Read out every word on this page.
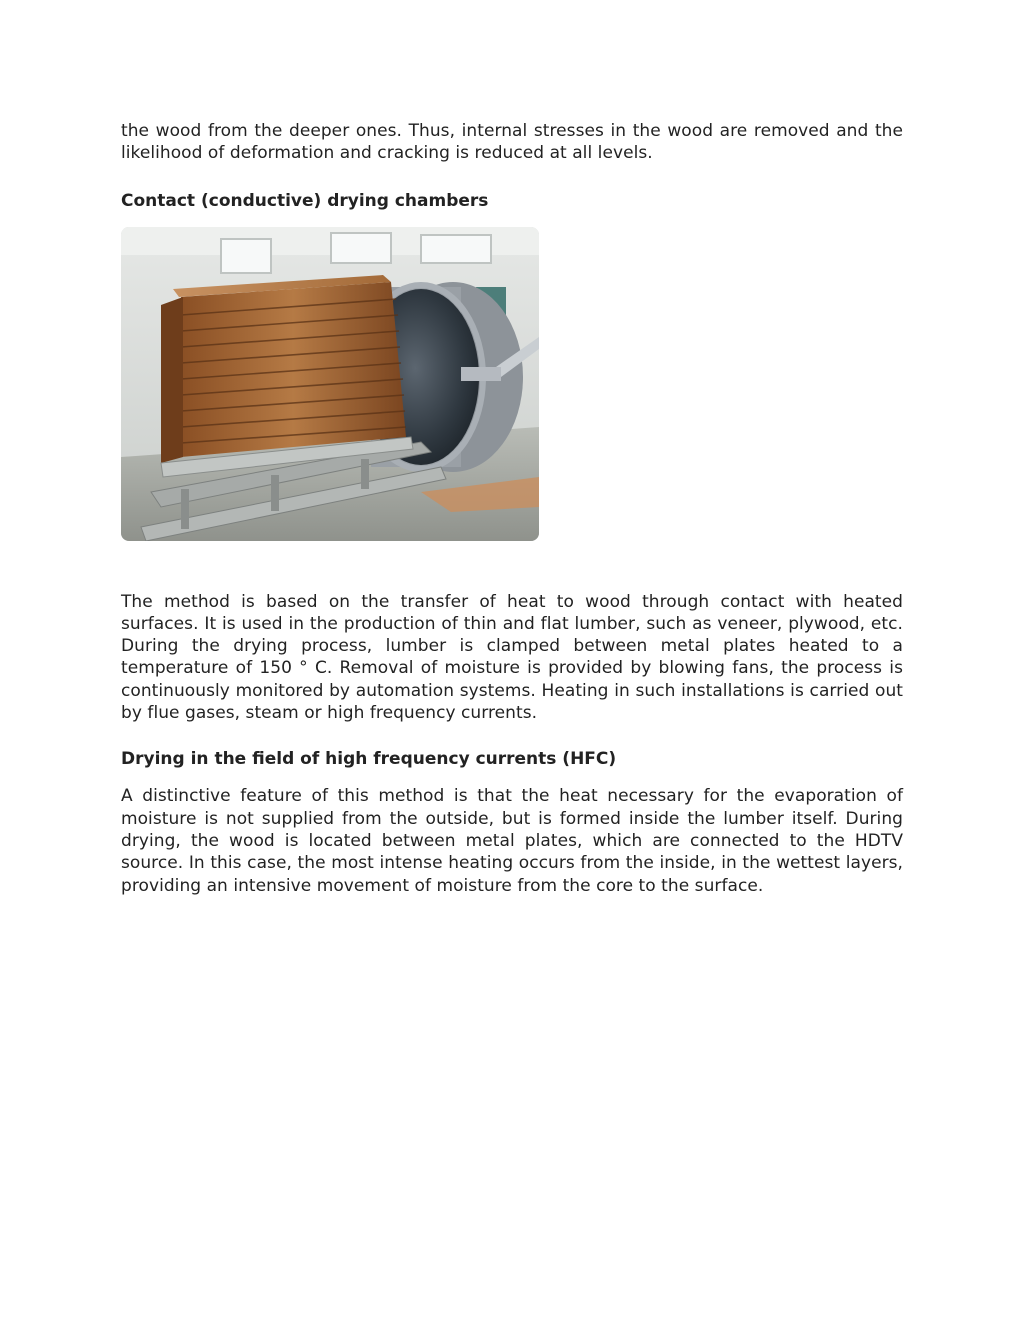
the wood from the deeper ones. Thus, internal stresses in the wood are removed and the likelihood of deformation and cracking is reduced at all levels.

Contact (conductive) drying chambers

The method is based on the transfer of heat to wood through contact with heated surfaces. It is used in the production of thin and flat lumber, such as veneer, plywood, etc. During the drying process, lumber is clamped between metal plates heated to a temperature of 150 ° C. Removal of moisture is provided by blowing fans, the process is continuously monitored by automation systems. Heating in such installations is carried out by flue gases, steam or high frequency currents.

Drying in the field of high frequency currents (HFC)

A distinctive feature of this method is that the heat necessary for the evaporation of moisture is not supplied from the outside, but is formed inside the lumber itself. During drying, the wood is located between metal plates, which are connected to the HDTV source. In this case, the most intense heating occurs from the inside, in the wettest layers, providing an intensive movement of moisture from the core to the surface.
